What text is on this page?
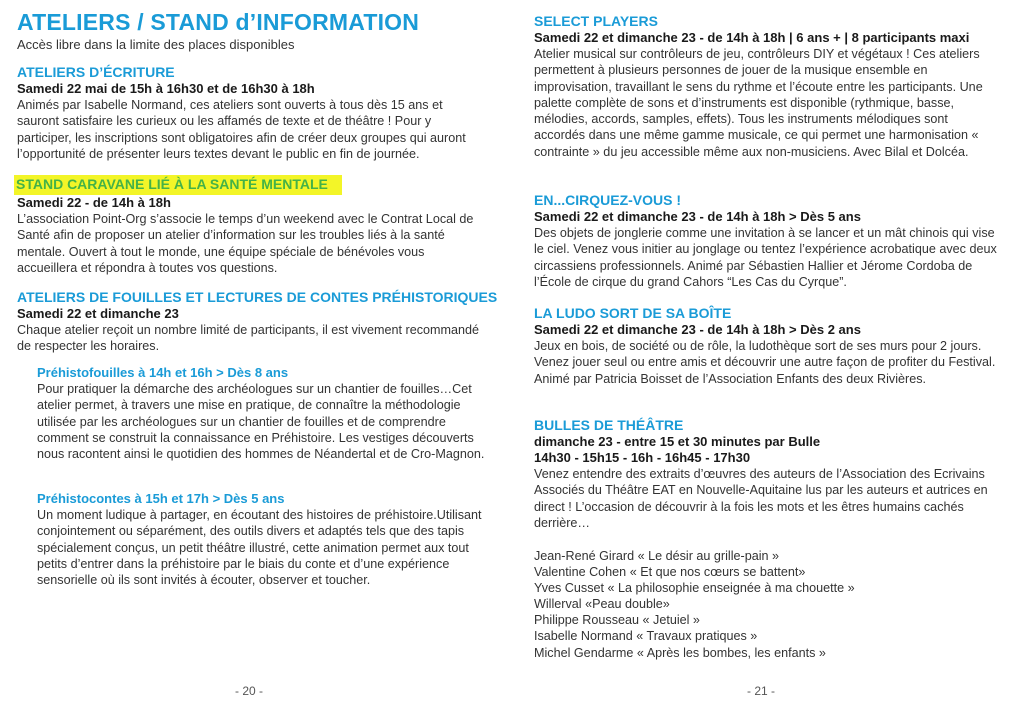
ATELIERS / STAND d’INFORMATION
Accès libre dans la limite des places disponibles
ATELIERS D’ÉCRITURE
Samedi 22 mai de 15h à 16h30 et de 16h30 à 18h

Animés par Isabelle Normand, ces ateliers sont ouverts à tous dès 15 ans et sauront satisfaire les curieux ou les affamés de texte et de théâtre ! Pour y participer, les inscriptions sont obligatoires afin de créer deux groupes qui auront l’opportunité de présenter leurs textes devant le public en fin de journée.

STAND CARAVANE LIÉ À LA SANTÉ MENTALE
Samedi 22 - de 14h à 18h

L’association Point-Org s’associe le temps d’un weekend avec le Contrat Local de Santé afin de proposer un atelier d’information sur les troubles liés à la santé mentale. Ouvert à tout le monde, une équipe spéciale de bénévoles vous accueillera et répondra à toutes vos questions.

ATELIERS DE FOUILLES ET LECTURES DE CONTES PRÉHISTORIQUES
Samedi 22 et dimanche 23

Chaque atelier reçoit un nombre limité de participants, il est vivement recommandé de respecter les horaires.

Préhistofouilles à 14h et 16h > Dès 8 ans

Pour pratiquer la démarche des archéologues sur un chantier de fouilles…Cet atelier permet, à travers une mise en pratique, de connaître la méthodologie utilisée par les archéologues sur un chantier de fouilles et de comprendre comment se construit la connaissance en Préhistoire. Les vestiges découverts nous racontent ainsi le quotidien des hommes de Néandertal et de Cro-Magnon.

Préhistocontes à 15h et 17h > Dès 5 ans

Un moment ludique à partager, en écoutant des histoires de préhistoire.Utilisant conjointement ou séparément, des outils divers et adaptés tels que des tapis spécialement conçus, un petit théâtre illustré, cette animation permet aux tout petits d’entrer dans la préhistoire par le biais du conte et d’une expérience sensorielle où ils sont invités à écouter, observer et toucher.

- 20 -
SELECT PLAYERS
Samedi 22 et dimanche 23 - de 14h à 18h | 6 ans + | 8 participants maxi

Atelier musical sur contrôleurs de jeu, contrôleurs DIY et végétaux ! Ces ateliers permettent à plusieurs personnes de jouer de la musique ensemble en improvisation, travaillant le sens du rythme et l’écoute entre les participants. Une palette complète de sons et d’instruments est disponible (rythmique, basse, mélodies, accords, samples, effets). Tous les instruments mélodiques sont accordés dans une même gamme musicale, ce qui permet une harmonisation « contrainte » du jeu accessible même aux non-musiciens. Avec Bilal et Dolcéa.

EN...CIRQUEZ-VOUS !
Samedi 22 et dimanche 23 - de 14h à 18h > Dès 5 ans

Des objets de jonglerie comme une invitation à se lancer et un mât chinois qui vise le ciel. Venez vous initier au jonglage ou tentez l’expérience acrobatique avec deux circassiens professionnels. Animé par Sébastien Hallier et Jérome Cordoba de l’École de cirque du grand Cahors “Les Cas du Cyrque”.

LA LUDO SORT DE SA BOÎTE
Samedi 22 et dimanche 23 - de 14h à 18h > Dès 2 ans

Jeux en bois, de société ou de rôle, la ludothèque sort de ses murs pour 2 jours. Venez jouer seul ou entre amis et découvrir une autre façon de profiter du Festival.

Animé par Patricia Boisset de l’Association Enfants des deux Rivières.

BULLES DE THÉÂTRE
dimanche 23 - entre 15 et 30 minutes par Bulle
14h30 - 15h15 - 16h - 16h45 - 17h30

Venez entendre des extraits d’œuvres des auteurs de l’Association des Ecrivains Associés du Théâtre EAT en Nouvelle-Aquitaine lus par les auteurs et autrices en direct ! L’occasion de découvrir à la fois les mots et les êtres humains cachés derrière…

Jean-René Girard « Le désir au grille-pain »
Valentine Cohen « Et que nos cœurs se battent»
Yves Cusset « La philosophie enseignée à ma chouette »
Willerval «Peau double»
Philippe Rousseau « Jetuiel »
Isabelle Normand « Travaux pratiques »
Michel Gendarme « Après les bombes, les enfants »
- 21 -
